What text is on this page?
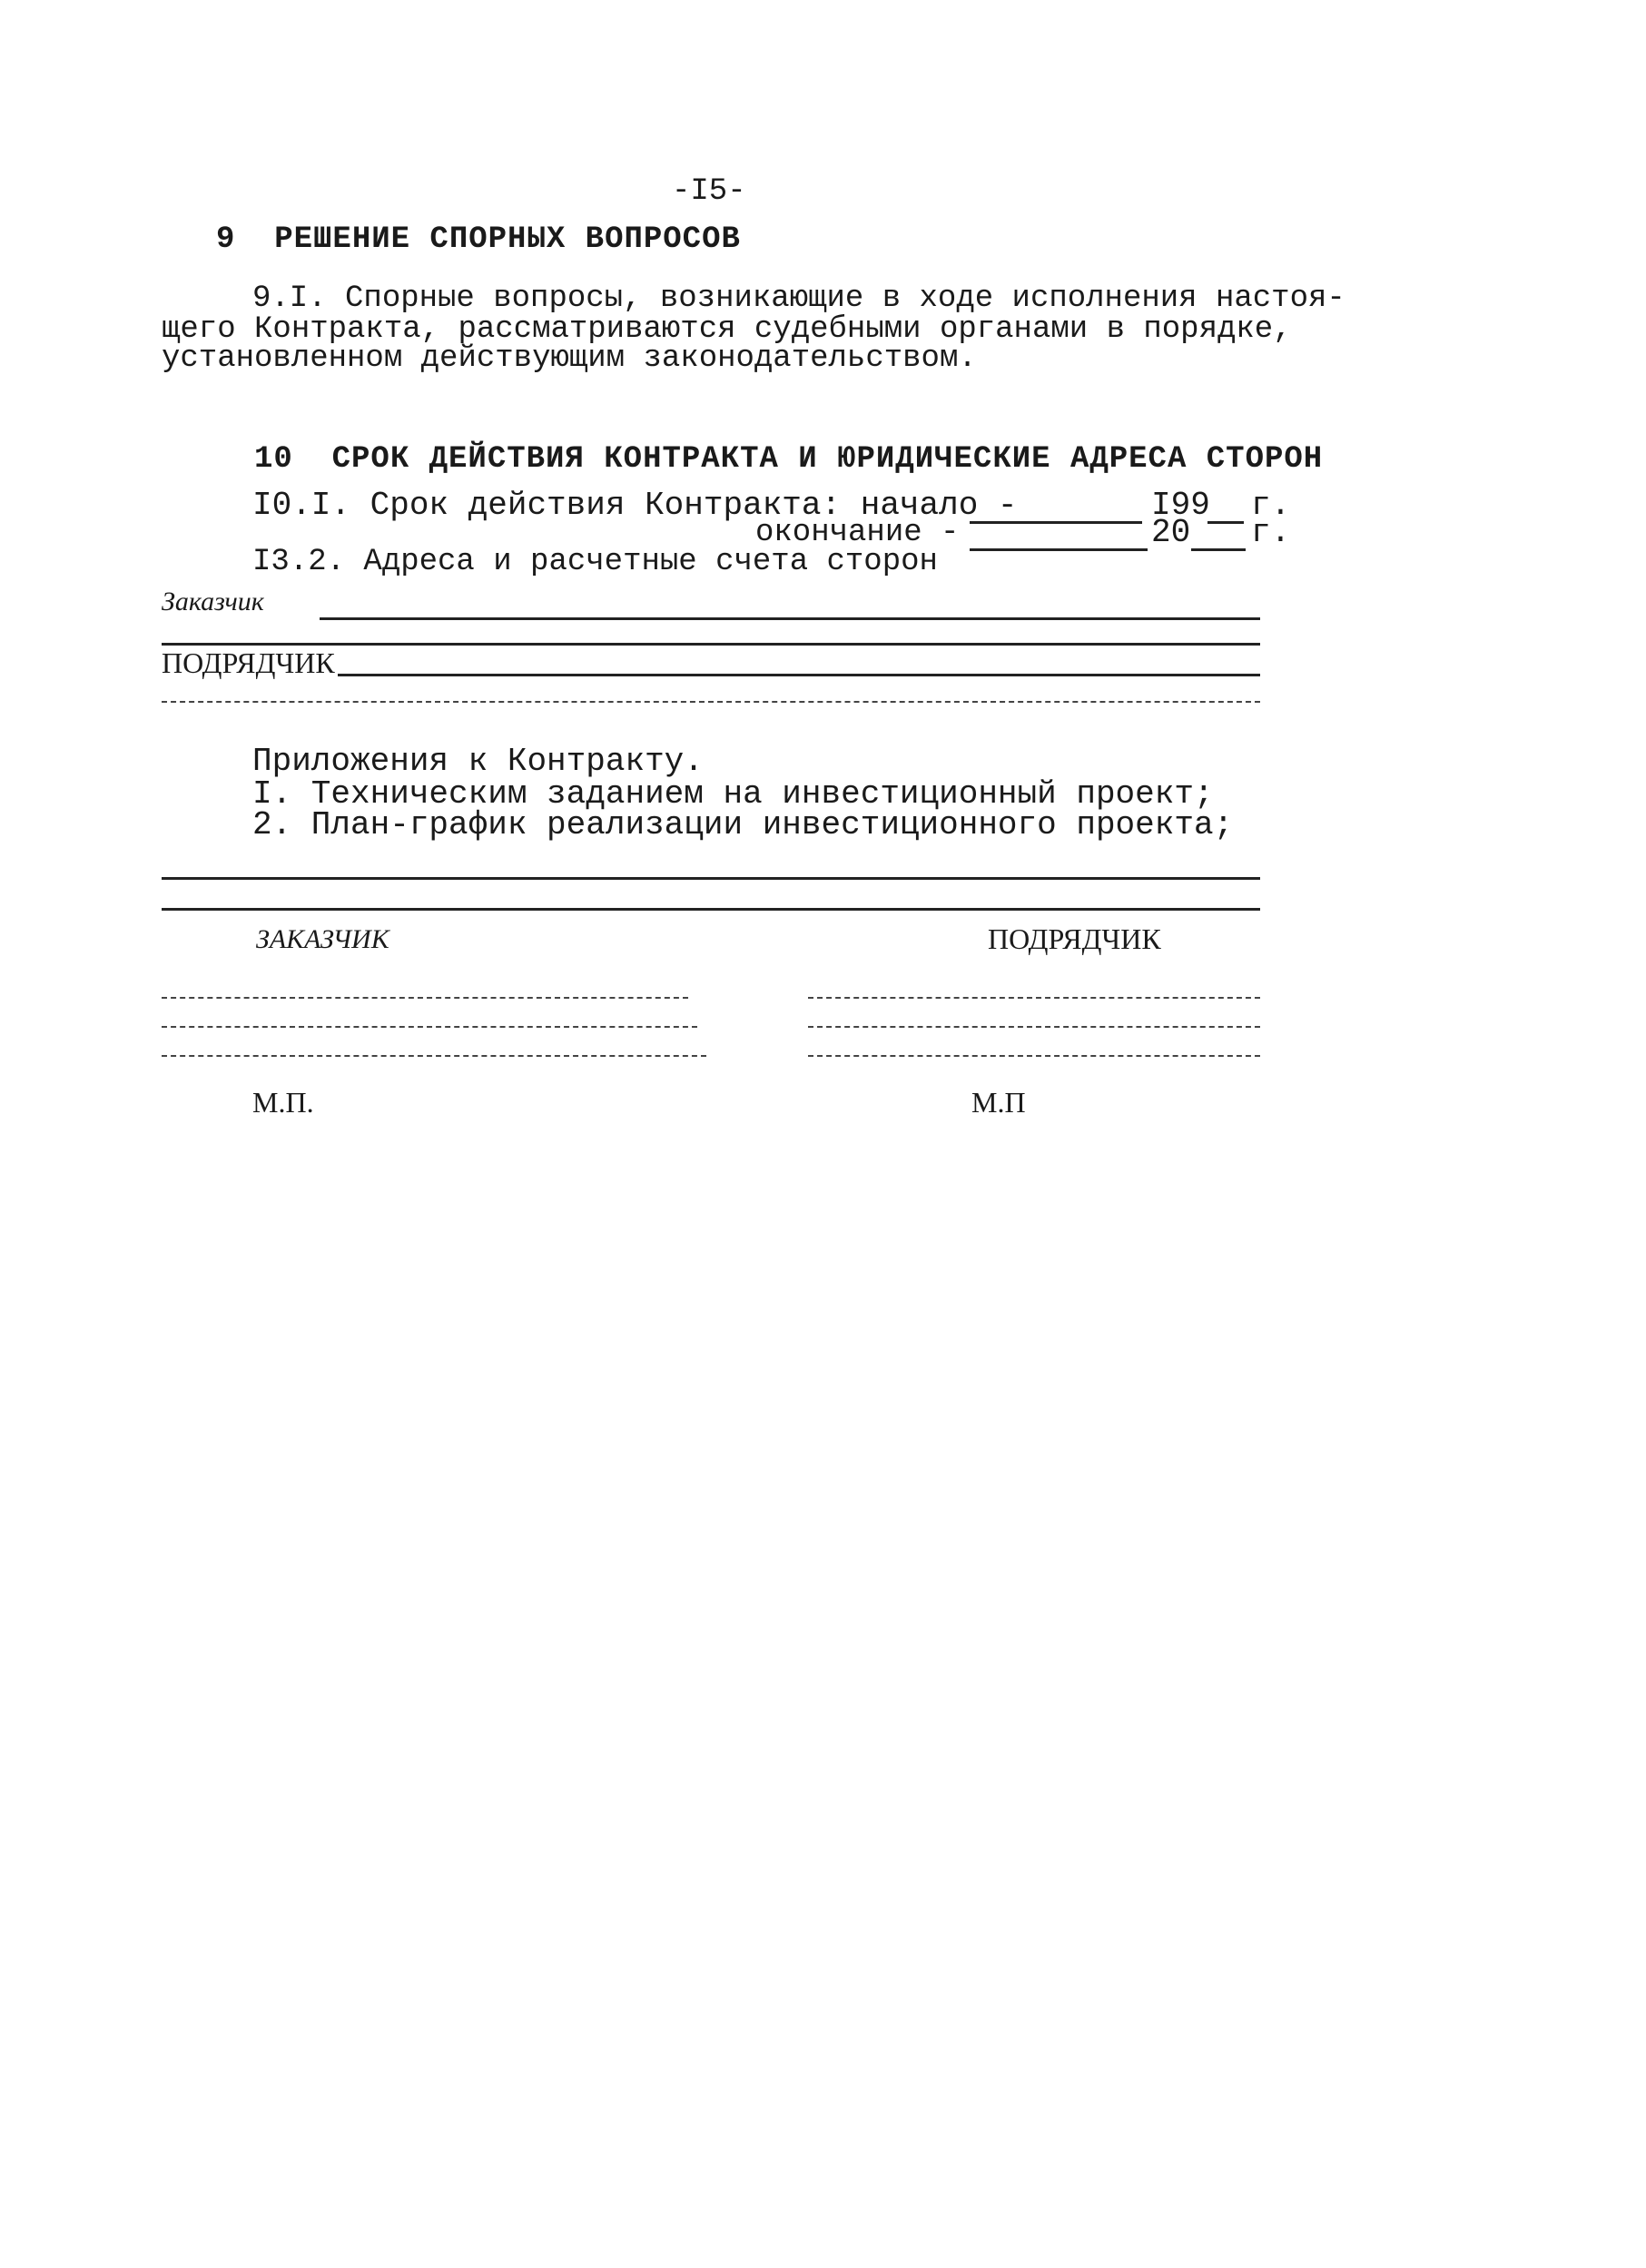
-I5-
9  РЕШЕНИЕ СПОРНЫХ ВОПРОСОВ
9.I. Спорные вопросы, возникающие в ходе исполнения настоя-
щего Контракта, рассматриваются судебными органами в порядке,
установленном действующим законодательством.
10  СРОК ДЕЙСТВИЯ КОНТРАКТА И ЮРИДИЧЕСКИЕ АДРЕСА СТОРОН
I0.I. Срок действия Контракта: начало -	I99 г.
окончание -	20 г.
I3.2. Адреса и расчетные счета сторон
Заказчик
ПОДРЯДЧИК
Приложения к Контракту.
I. Техническим заданием на инвестиционный проект;
2. План-график реализации инвестиционного проекта;
ЗАКАЗЧИК	ПОДРЯДЧИК
М.П.	М.П
